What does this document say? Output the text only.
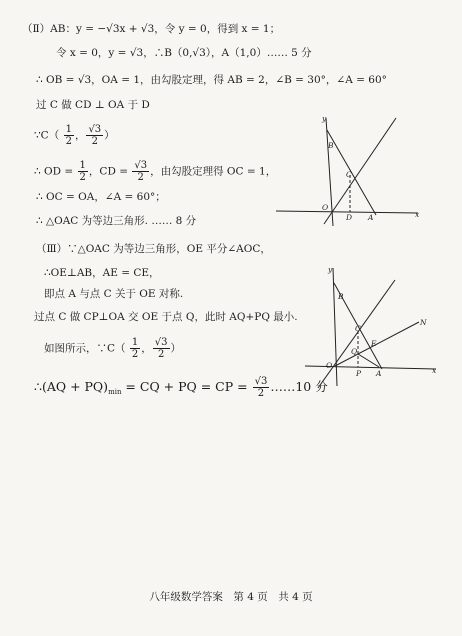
（Ⅱ）AB：y = −√3x + √3，令 y = 0，得到 x = 1；
令 x = 0，y = √3，∴B（0,√3），A（1,0）…… 5 分
∴ OB = √3，OA = 1，由勾股定理，得 AB = 2，∠B = 30°，∠A = 60°
过 C 做 CD ⊥ OA 于 D
∵C（ $\frac{1}{2}$ ， $\frac{√3}{2}$ ）
∴ OD = $\frac{1}{2}$ ，CD = $\frac{√3}{2}$ ，由勾股定理得 OC = 1，
∴ OC = OA，∠A = 60°；
∴ △OAC 为等边三角形. …… 8 分
（Ⅲ）∵△OAC 为等边三角形，OE 平分∠AOC，
∴OE⊥AB，AE = CE，
即点 A 与点 C 关于 OE 对称.
过点 C 做 CP⊥OA 交 OE 于点 Q，此时 AQ+PQ 最小.
如图所示，∵C（ $\frac{1}{2}$ ， $\frac{√3}{2}$ ）
∴(AQ + $PQ)_{min}$ = CQ + PQ = CP = $\frac{√3}{2}$ ……10 分
y
x
B
C
O
D A
y
x
B
C
N
E
Q
O
P A
八年级数学答案　第 4 页　共 4 页
